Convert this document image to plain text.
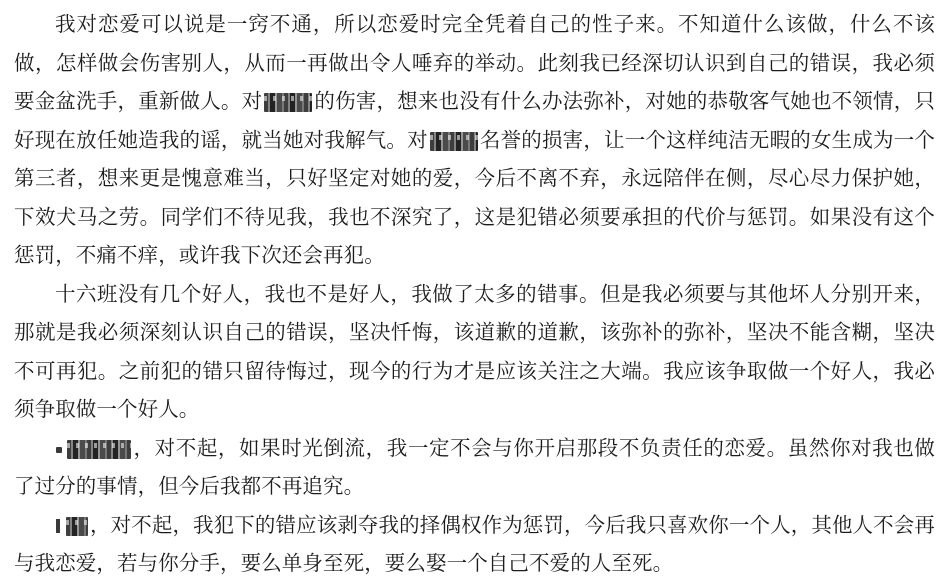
我对恋爱可以说是一窍不通，所以恋爱时完全凭着自己的性子来。不知道什么该做，什么不该做，怎样做会伤害别人，从而一再做出令人唾弃的举动。此刻我已经深切认识到自己的错误，我必须要金盆洗手，重新做人。对	的伤害，想来也没有什么办法弥补，对她的恭敬客气她也不领情，只好现在放任她造我的谣，就当她对我解气。对	名誉的损害，让一个这样纯洁无暇的女生成为一个第三者，想来更是愧意难当，只好坚定对她的爱，今后不离不弃，永远陪伴在侧，尽心尽力保护她，下效犬马之劳。同学们不待见我，我也不深究了，这是犯错必须要承担的代价与惩罚。如果没有这个惩罚，不痛不痒，或许我下次还会再犯。

十六班没有几个好人，我也不是好人，我做了太多的错事。但是我必须要与其他坏人分别开来，那就是我必须深刻认识自己的错误，坚决忏悔，该道歉的道歉，该弥补的弥补，坚决不能含糊，坚决不可再犯。之前犯的错只留待悔过，现今的行为才是应该关注之大端。我应该争取做一个好人，我必须争取做一个好人。

，对不起，如果时光倒流，我一定不会与你开启那段不负责任的恋爱。虽然你对我也做了过分的事情，但今后我都不再追究。

，对不起，我犯下的错应该剥夺我的择偶权作为惩罚，今后我只喜欢你一个人，其他人不会再与我恋爱，若与你分手，要么单身至死，要么娶一个自己不爱的人至死。
